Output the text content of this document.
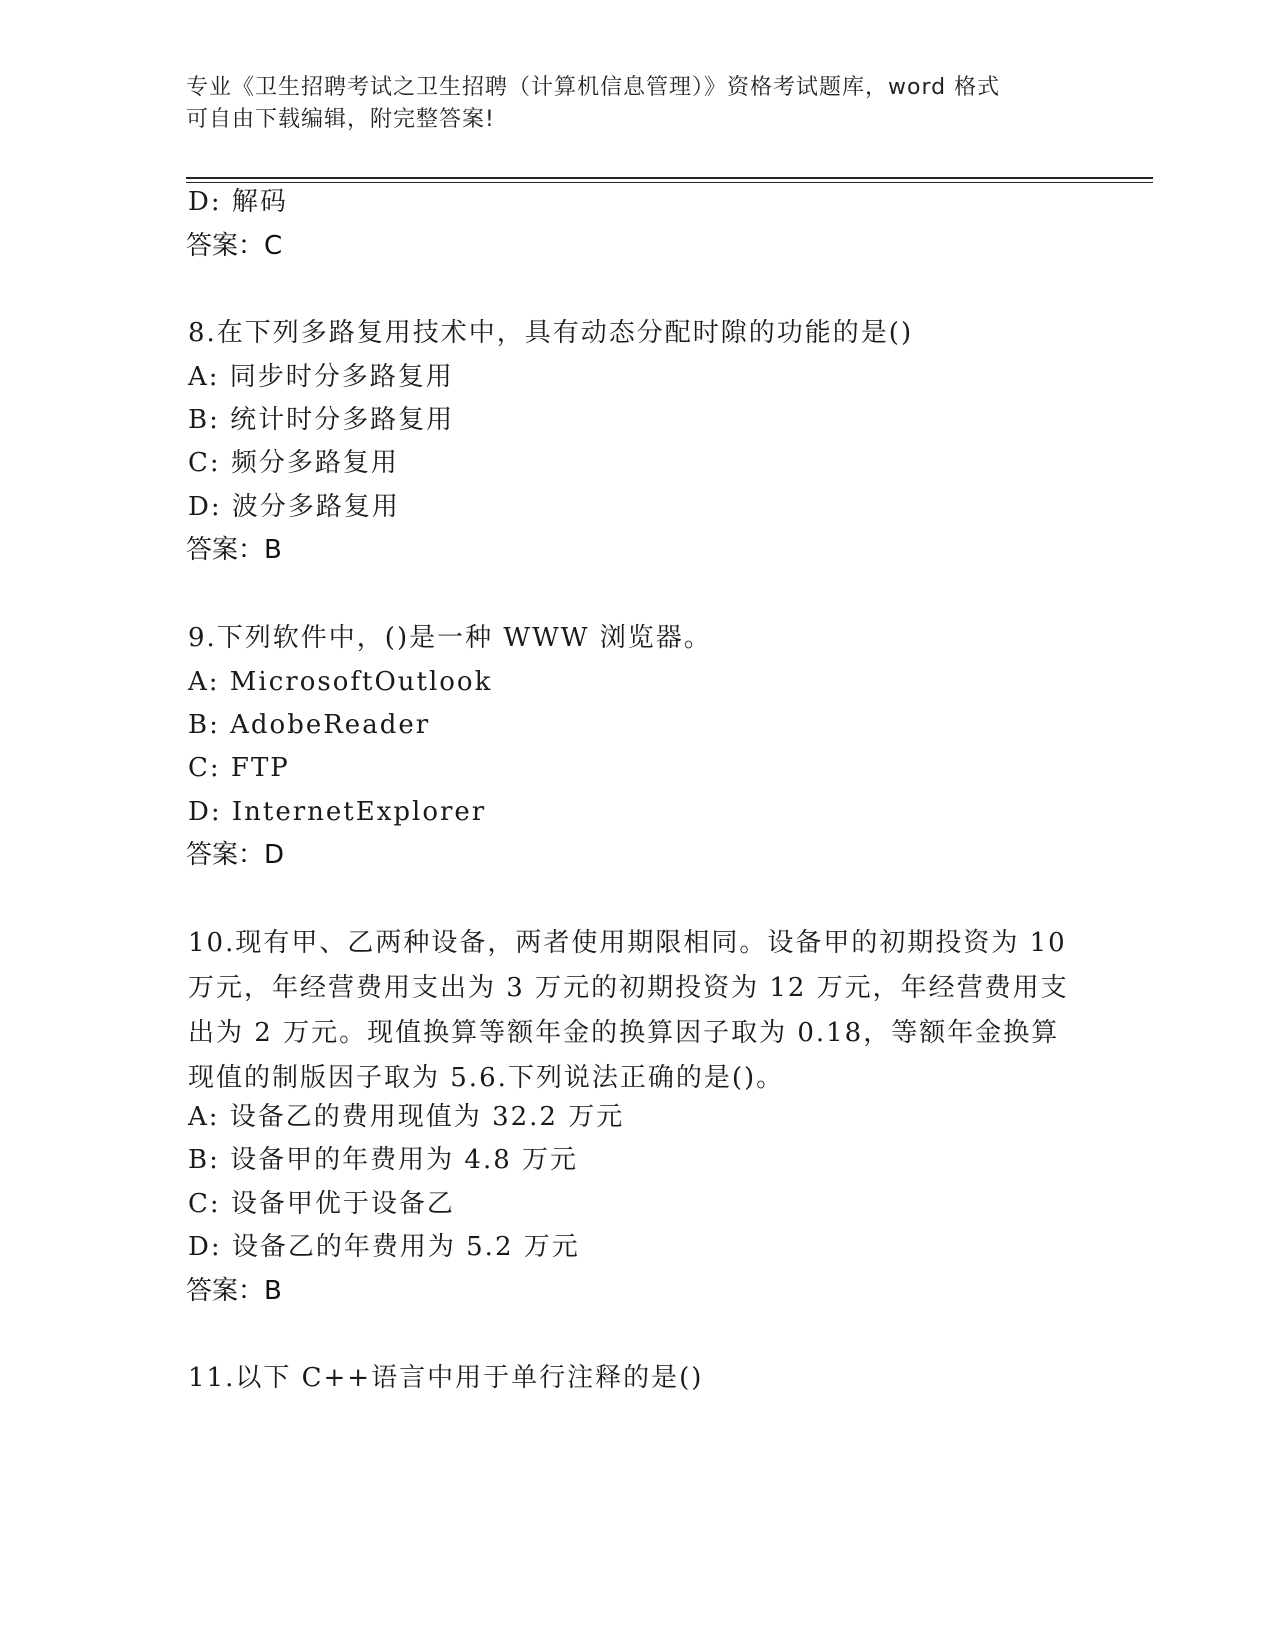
专业《卫生招聘考试之卫生招聘（计算机信息管理）》资格考试题库，word 格式
可自由下载编辑，附完整答案!
D: 解码
答案：C
8.在下列多路复用技术中，具有动态分配时隙的功能的是()
A: 同步时分多路复用
B: 统计时分多路复用
C: 频分多路复用
D: 波分多路复用
答案：B
9.下列软件中，()是一种 WWW 浏览器。
A: MicrosoftOutlook
B: AdobeReader
C: FTP
D: InternetExplorer
答案：D
10.现有甲、乙两种设备，两者使用期限相同。设备甲的初期投资为 10
万元，年经营费用支出为 3 万元的初期投资为 12 万元，年经营费用支
出为 2 万元。现值换算等额年金的换算因子取为 0.18，等额年金换算
现值的制版因子取为 5.6.下列说法正确的是()。
A: 设备乙的费用现值为 32.2 万元
B: 设备甲的年费用为 4.8 万元
C: 设备甲优于设备乙
D: 设备乙的年费用为 5.2 万元
答案：B
11.以下 C++语言中用于单行注释的是()
